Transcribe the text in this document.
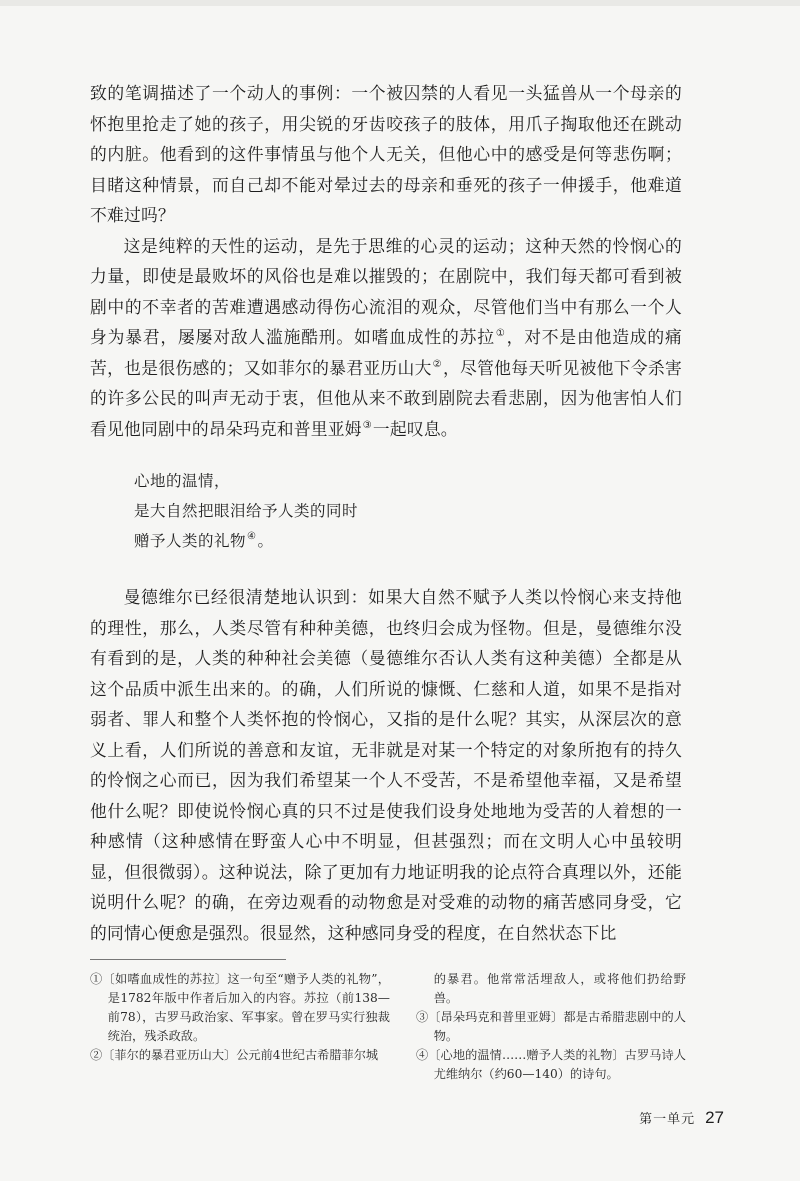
致的笔调描述了一个动人的事例：一个被囚禁的人看见一头猛兽从一个母亲的怀抱里抢走了她的孩子，用尖锐的牙齿咬孩子的肢体，用爪子掏取他还在跳动的内脏。他看到的这件事情虽与他个人无关，但他心中的感受是何等悲伤啊；目睹这种情景，而自己却不能对晕过去的母亲和垂死的孩子一伸援手，他难道不难过吗？

这是纯粹的天性的运动，是先于思维的心灵的运动；这种天然的怜悯心的力量，即使是最败坏的风俗也是难以摧毁的；在剧院中，我们每天都可看到被剧中的不幸者的苦难遭遇感动得伤心流泪的观众，尽管他们当中有那么一个人身为暴君，屡屡对敌人滥施酷刑。如嗜血成性的苏拉①，对不是由他造成的痛苦，也是很伤感的；又如菲尔的暴君亚历山大②，尽管他每天听见被他下令杀害的许多公民的叫声无动于衷，但他从来不敢到剧院去看悲剧，因为他害怕人们看见他同剧中的昂朵玛克和普里亚姆③一起叹息。

心地的温情，
是大自然把眼泪给予人类的同时
赠予人类的礼物④。

曼德维尔已经很清楚地认识到：如果大自然不赋予人类以怜悯心来支持他的理性，那么，人类尽管有种种美德，也终归会成为怪物。但是，曼德维尔没有看到的是，人类的种种社会美德（曼德维尔否认人类有这种美德）全都是从这个品质中派生出来的。的确，人们所说的慷慨、仁慈和人道，如果不是指对弱者、罪人和整个人类怀抱的怜悯心，又指的是什么呢？其实，从深层次的意义上看，人们所说的善意和友谊，无非就是对某一个特定的对象所抱有的持久的怜悯之心而已，因为我们希望某一个人不受苦，不是希望他幸福，又是希望他什么呢？即使说怜悯心真的只不过是使我们设身处地地为受苦的人着想的一种感情（这种感情在野蛮人心中不明显，但甚强烈；而在文明人心中虽较明显，但很微弱）。这种说法，除了更加有力地证明我的论点符合真理以外，还能说明什么呢？的确，在旁边观看的动物愈是对受难的动物的痛苦感同身受，它的同情心便愈是强烈。很显然，这种感同身受的程度，在自然状态下比

①〔如嗜血成性的苏拉〕这一句至“赠予人类的礼物”，是1782年版中作者后加入的内容。苏拉（前138—前78），古罗马政治家、军事家。曾在罗马实行独裁统治，残杀政敌。

②〔菲尔的暴君亚历山大〕公元前4世纪古希腊菲尔城

的暴君。他常常活埋敌人，或将他们扔给野兽。

③〔昂朵玛克和普里亚姆〕都是古希腊悲剧中的人物。

④〔心地的温情……赠予人类的礼物〕古罗马诗人尤维纳尔（约60—140）的诗句。

第一单元 27
